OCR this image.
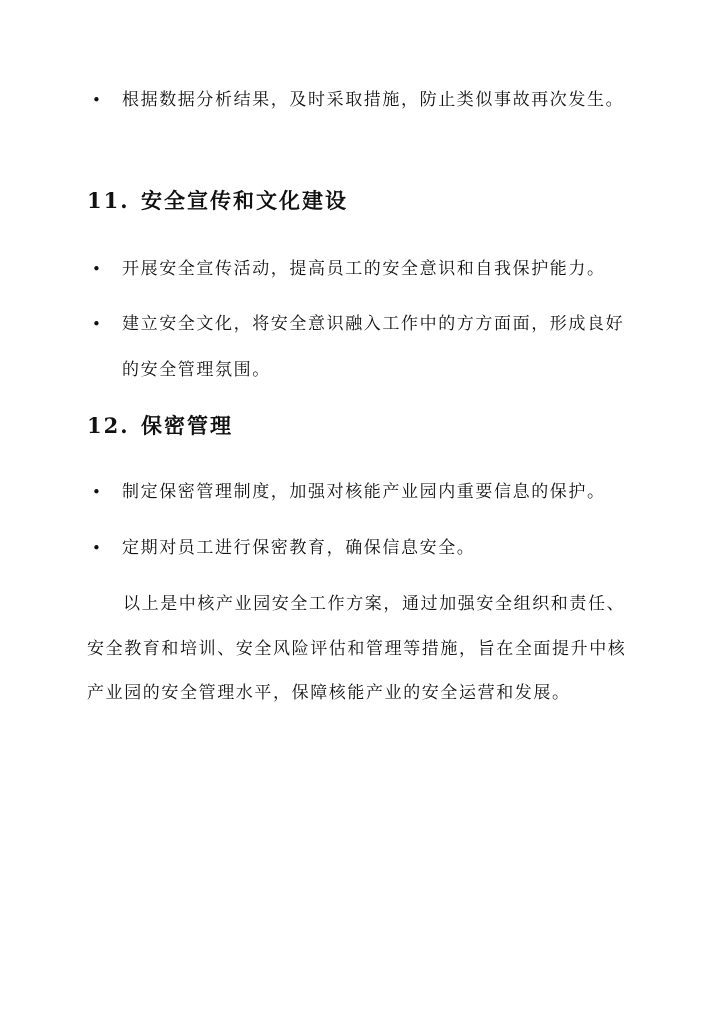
•	根据数据分析结果，及时采取措施，防止类似事故再次发生。
11. 安全宣传和文化建设
•	开展安全宣传活动，提高员工的安全意识和自我保护能力。
•	建立安全文化，将安全意识融入工作中的方方面面，形成良好的安全管理氛围。
12. 保密管理
•	制定保密管理制度，加强对核能产业园内重要信息的保护。
•	定期对员工进行保密教育，确保信息安全。

以上是中核产业园安全工作方案，通过加强安全组织和责任、安全教育和培训、安全风险评估和管理等措施，旨在全面提升中核产业园的安全管理水平，保障核能产业的安全运营和发展。
